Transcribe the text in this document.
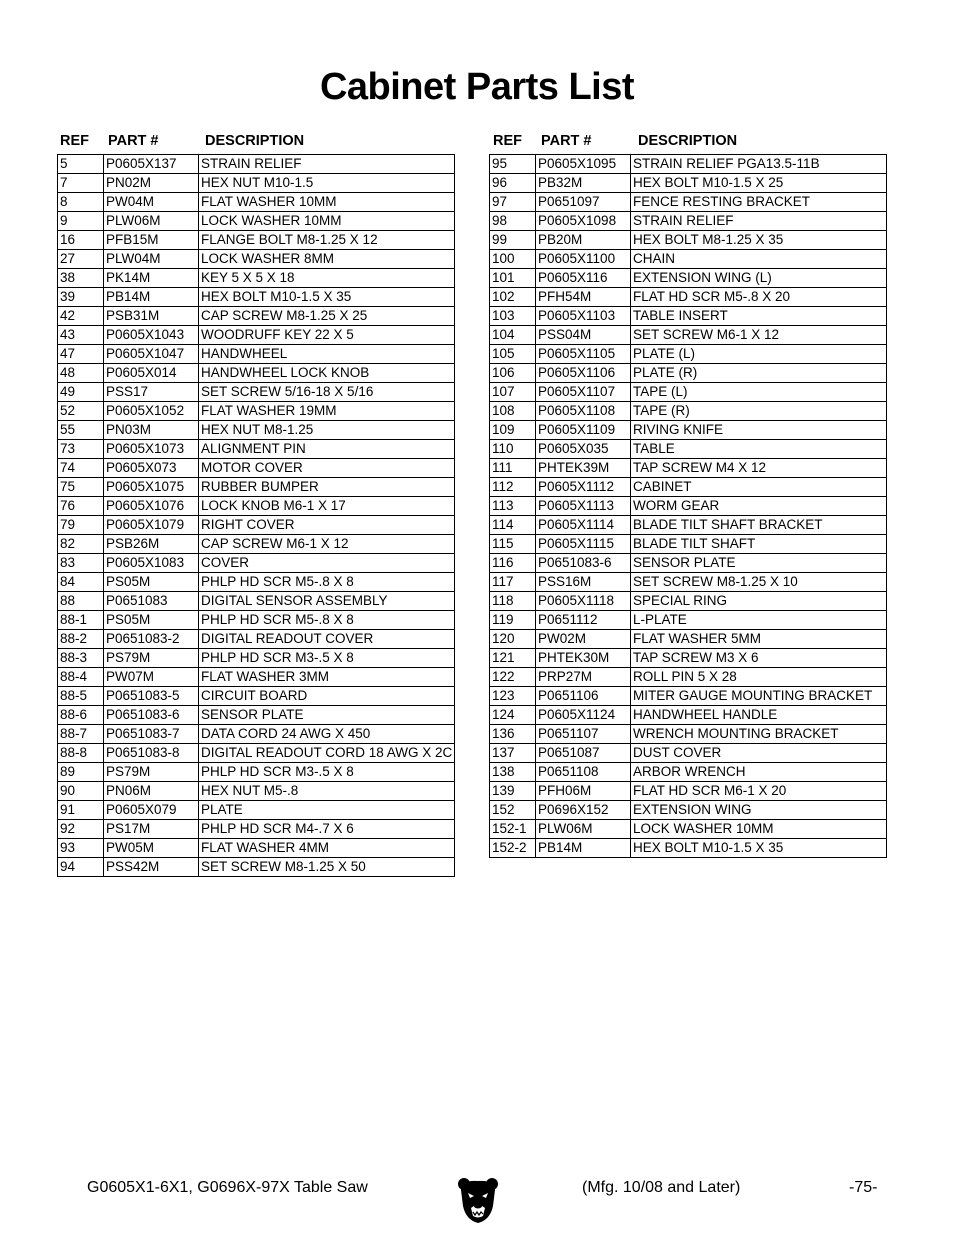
Cabinet Parts List
REF PART #	DESCRIPTION	REF PART #	DESCRIPTION
5	P0605X137	STRAIN RELIEF
7	PN02M	HEX NUT M10-1.5
8	PW04M	FLAT WASHER 10MM
9	PLW06M	LOCK WASHER 10MM
16	PFB15M	FLANGE BOLT M8-1.25 X 12
27	PLW04M	LOCK WASHER 8MM
38	PK14M	KEY 5 X 5 X 18
39	PB14M	HEX BOLT M10-1.5 X 35
42	PSB31M	CAP SCREW M8-1.25 X 25
43	P0605X1043	WOODRUFF KEY 22 X 5
47	P0605X1047	HANDWHEEL
48	P0605X014	HANDWHEEL LOCK KNOB
49	PSS17	SET SCREW 5/16-18 X 5/16
52	P0605X1052	FLAT WASHER 19MM
55	PN03M	HEX NUT M8-1.25
73	P0605X1073	ALIGNMENT PIN
74	P0605X073	MOTOR COVER
75	P0605X1075	RUBBER BUMPER
76	P0605X1076	LOCK KNOB M6-1 X 17
79	P0605X1079	RIGHT COVER
82	PSB26M	CAP SCREW M6-1 X 12
83	P0605X1083	COVER
84	PS05M	PHLP HD SCR M5-.8 X 8
88	P0651083	DIGITAL SENSOR ASSEMBLY
88-1	PS05M	PHLP HD SCR M5-.8 X 8
88-2	P0651083-2	DIGITAL READOUT COVER
88-3	PS79M	PHLP HD SCR M3-.5 X 8
88-4	PW07M	FLAT WASHER 3MM
88-5	P0651083-5	CIRCUIT BOARD
88-6	P0651083-6	SENSOR PLATE
88-7	P0651083-7	DATA CORD 24 AWG X 450
88-8	P0651083-8	DIGITAL READOUT CORD 18 AWG X 2C
89	PS79M	PHLP HD SCR M3-.5 X 8
90	PN06M	HEX NUT M5-.8
91	P0605X079	PLATE
92	PS17M	PHLP HD SCR M4-.7 X 6
93	PW05M	FLAT WASHER 4MM
94	PSS42M	SET SCREW M8-1.25 X 50
95	P0605X1095	STRAIN RELIEF PGA13.5-11B
96	PB32M	HEX BOLT M10-1.5 X 25
97	P0651097	FENCE RESTING BRACKET
98	P0605X1098	STRAIN RELIEF
99	PB20M	HEX BOLT M8-1.25 X 35
100	P0605X1100	CHAIN
101	P0605X116	EXTENSION WING (L)
102	PFH54M	FLAT HD SCR M5-.8 X 20
103	P0605X1103	TABLE INSERT
104	PSS04M	SET SCREW M6-1 X 12
105	P0605X1105	PLATE (L)
106	P0605X1106	PLATE (R)
107	P0605X1107	TAPE (L)
108	P0605X1108	TAPE (R)
109	P0605X1109	RIVING KNIFE
110	P0605X035	TABLE
111	PHTEK39M	TAP SCREW M4 X 12
112	P0605X1112	CABINET
113	P0605X1113	WORM GEAR
114	P0605X1114	BLADE TILT SHAFT BRACKET
115	P0605X1115	BLADE TILT SHAFT
116	P0651083-6	SENSOR PLATE
117	PSS16M	SET SCREW M8-1.25 X 10
118	P0605X1118	SPECIAL RING
119	P0651112	L-PLATE
120	PW02M	FLAT WASHER 5MM
121	PHTEK30M	TAP SCREW M3 X 6
122	PRP27M	ROLL PIN 5 X 28
123	P0651106	MITER GAUGE MOUNTING BRACKET
124	P0605X1124	HANDWHEEL HANDLE
136	P0651107	WRENCH MOUNTING BRACKET
137	P0651087	DUST COVER
138	P0651108	ARBOR WRENCH
139	PFH06M	FLAT HD SCR M6-1 X 20
152	P0696X152	EXTENSION WING
152-1	PLW06M	LOCK WASHER 10MM
152-2	PB14M	HEX BOLT M10-1.5 X 35
G0605X1-6X1, G0696X-97X Table Saw	(Mfg. 10/08 and Later)	-75-
